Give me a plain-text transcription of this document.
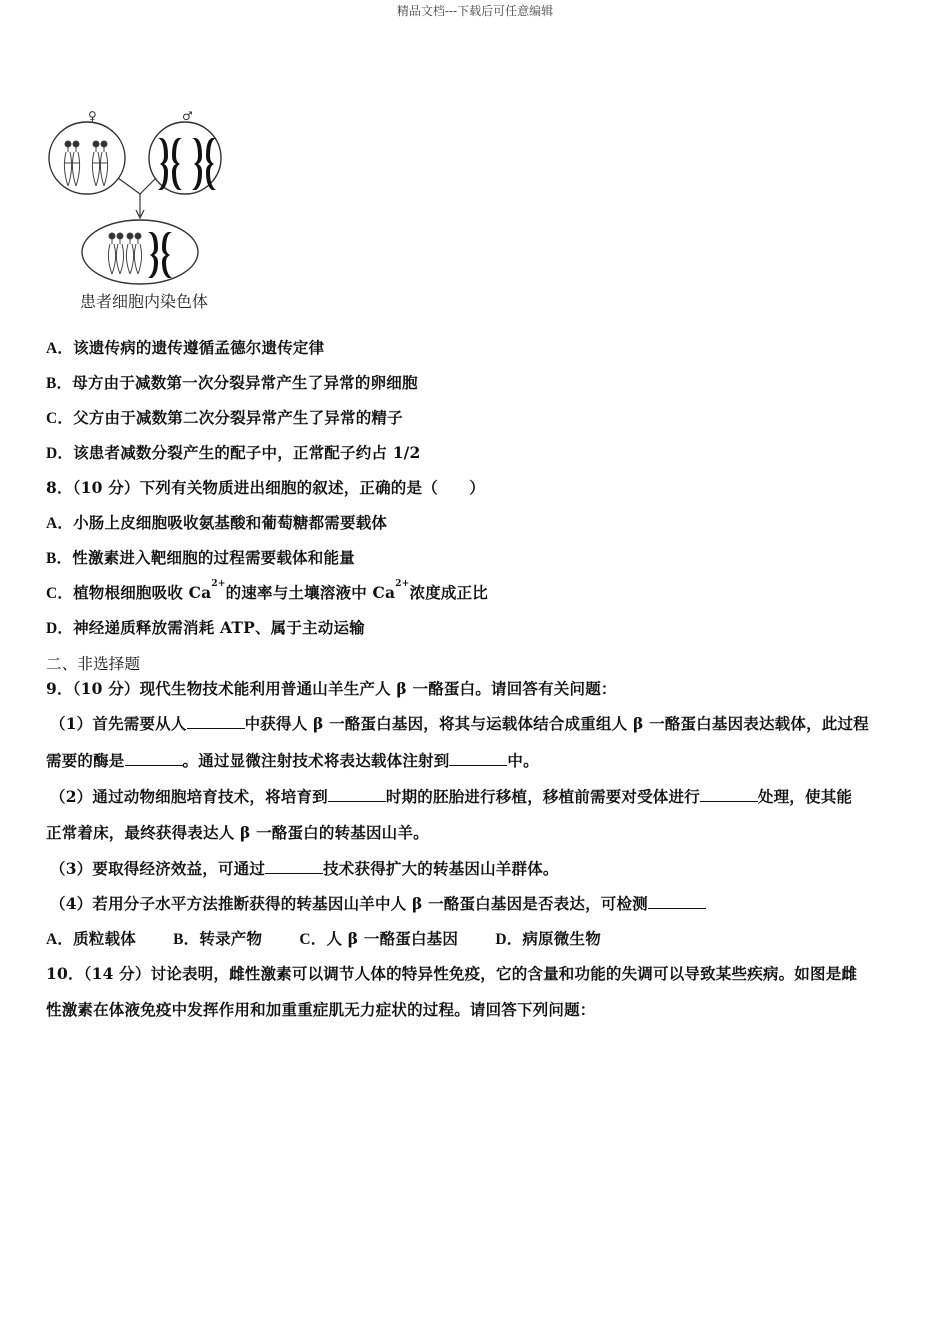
精品文档---下载后可任意编辑
♀	♂
患者细胞内染色体
A．该遗传病的遗传遵循孟德尔遗传定律
B．母方由于减数第一次分裂异常产生了异常的卵细胞
C．父方由于减数第二次分裂异常产生了异常的精子
D．该患者减数分裂产生的配子中，正常配子约占 1/2
8．（10 分）下列有关物质进出细胞的叙述，正确的是（　　）
A．小肠上皮细胞吸收氨基酸和葡萄糖都需要载体
B．性激素进入靶细胞的过程需要载体和能量
C．植物根细胞吸收 $Ca^{2+}$的速率与土壤溶液中 $Ca^{2+}$浓度成正比
D．神经递质释放需消耗 ATP、属于主动运输
二、非选择题
9．（10 分）现代生物技术能利用普通山羊生产人 β 一酪蛋白。请回答有关问题：
（1）首先需要从人	中获得人 β 一酪蛋白基因，将其与运载体结合成重组人 β 一酪蛋白基因表达载体，此过程
需要的酶是	。通过显微注射技术将表达载体注射到	中。
（2）通过动物细胞培育技术，将培育到	时期的胚胎进行移植，移植前需要对受体进行	处理，使其能
正常着床，最终获得表达人 β 一酪蛋白的转基因山羊。
（3）要取得经济效益，可通过	技术获得扩大的转基因山羊群体。
（4）若用分子水平方法推断获得的转基因山羊中人 β 一酪蛋白基因是否表达，可检测
A．质粒载体 B．转录产物 C．人 β 一酪蛋白基因 D．病原微生物
10．（14 分）讨论表明，雌性激素可以调节人体的特异性免疫，它的含量和功能的失调可以导致某些疾病。如图是雌
性激素在体液免疫中发挥作用和加重重症肌无力症状的过程。请回答下列问题：
